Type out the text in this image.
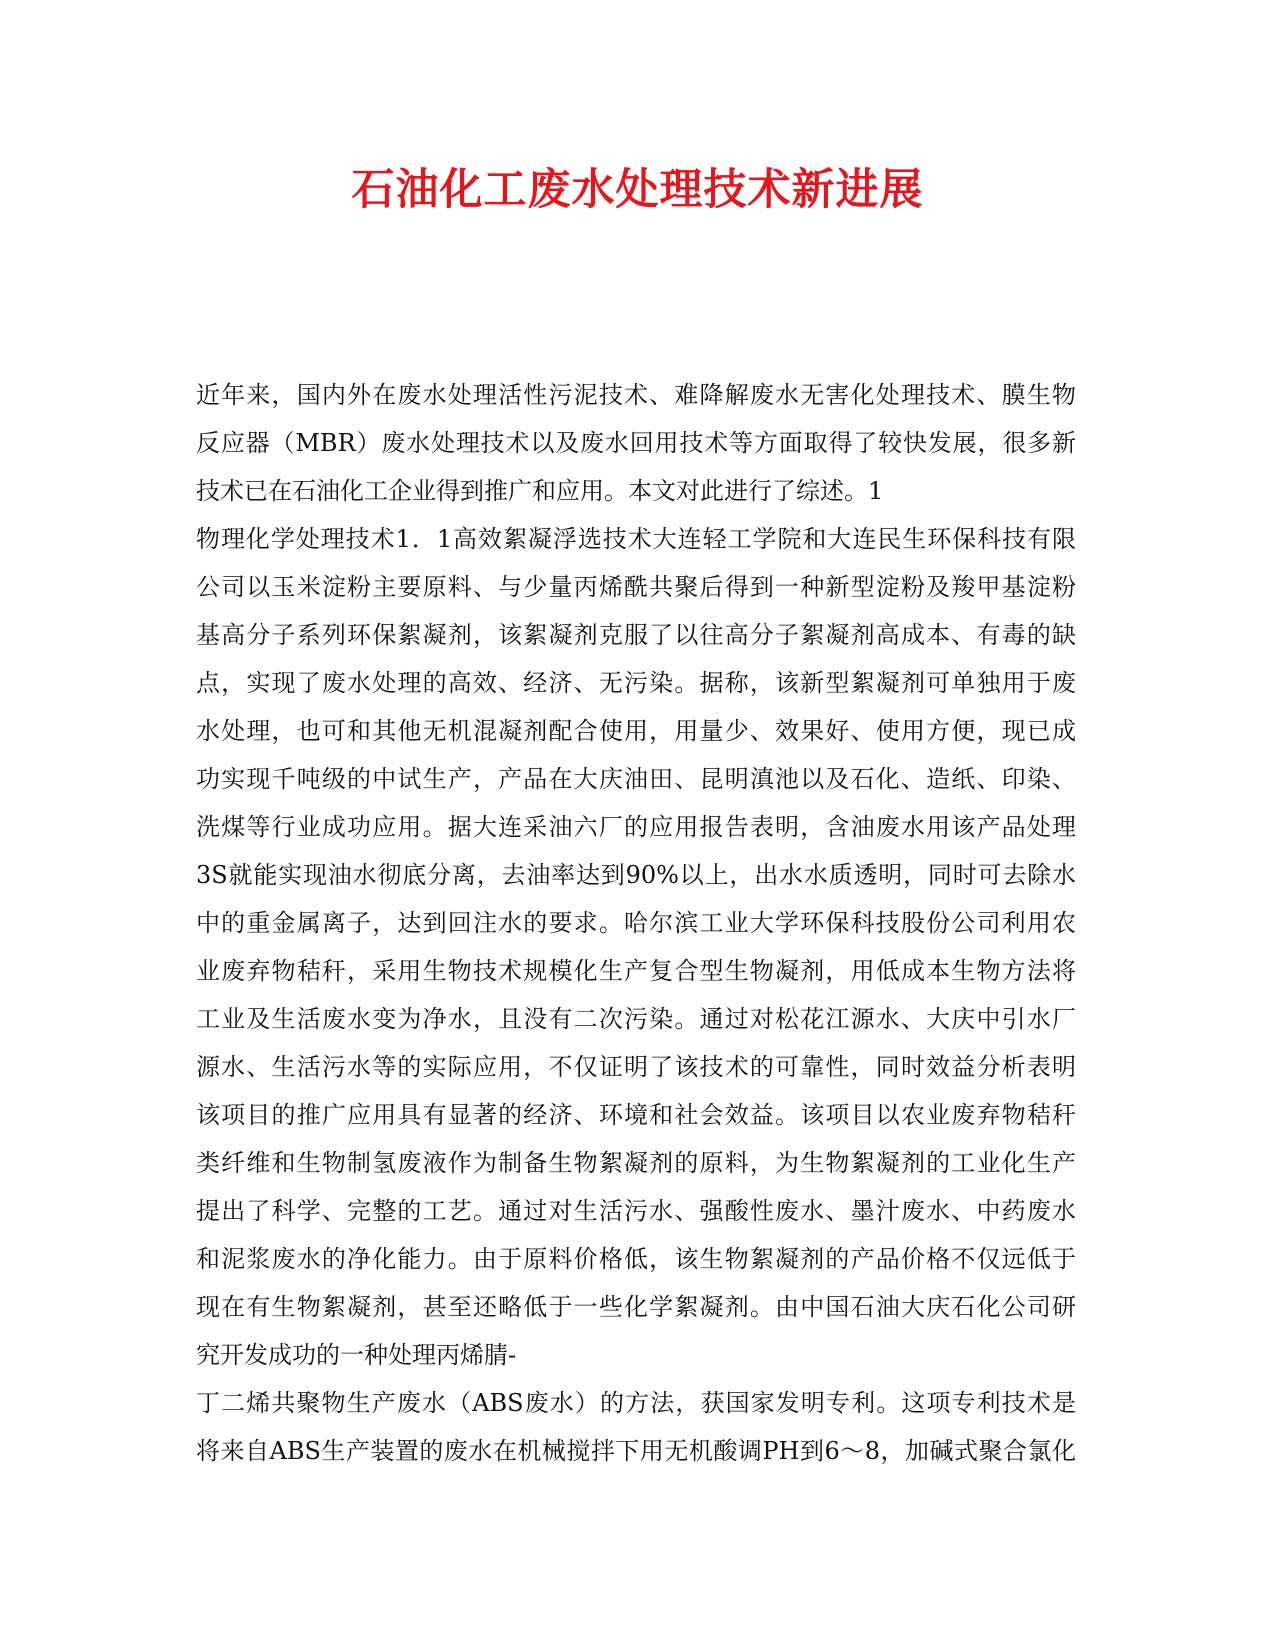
石油化工废水处理技术新进展
近年来，国内外在废水处理活性污泥技术、难降解废水无害化处理技术、膜生物
反应器（MBR）废水处理技术以及废水回用技术等方面取得了较快发展，很多新
技术已在石油化工企业得到推广和应用。本文对此进行了综述。1
物理化学处理技术1．1高效絮凝浮选技术大连轻工学院和大连民生环保科技有限
公司以玉米淀粉主要原料、与少量丙烯酰共聚后得到一种新型淀粉及羧甲基淀粉
基高分子系列环保絮凝剂，该絮凝剂克服了以往高分子絮凝剂高成本、有毒的缺
点，实现了废水处理的高效、经济、无污染。据称，该新型絮凝剂可单独用于废
水处理，也可和其他无机混凝剂配合使用，用量少、效果好、使用方便，现已成
功实现千吨级的中试生产，产品在大庆油田、昆明滇池以及石化、造纸、印染、
洗煤等行业成功应用。据大连采油六厂的应用报告表明，含油废水用该产品处理
3S就能实现油水彻底分离，去油率达到90%以上，出水水质透明，同时可去除水
中的重金属离子，达到回注水的要求。哈尔滨工业大学环保科技股份公司利用农
业废弃物秸秆，采用生物技术规模化生产复合型生物凝剂，用低成本生物方法将
工业及生活废水变为净水，且没有二次污染。通过对松花江源水、大庆中引水厂
源水、生活污水等的实际应用，不仅证明了该技术的可靠性，同时效益分析表明
该项目的推广应用具有显著的经济、环境和社会效益。该项目以农业废弃物秸秆
类纤维和生物制氢废液作为制备生物絮凝剂的原料，为生物絮凝剂的工业化生产
提出了科学、完整的工艺。通过对生活污水、强酸性废水、墨汁废水、中药废水
和泥浆废水的净化能力。由于原料价格低，该生物絮凝剂的产品价格不仅远低于
现在有生物絮凝剂，甚至还略低于一些化学絮凝剂。由中国石油大庆石化公司研
究开发成功的一种处理丙烯腈-
丁二烯共聚物生产废水（ABS废水）的方法，获国家发明专利。这项专利技术是
将来自ABS生产装置的废水在机械搅拌下用无机酸调PH到6～8，加碱式聚合氯化
